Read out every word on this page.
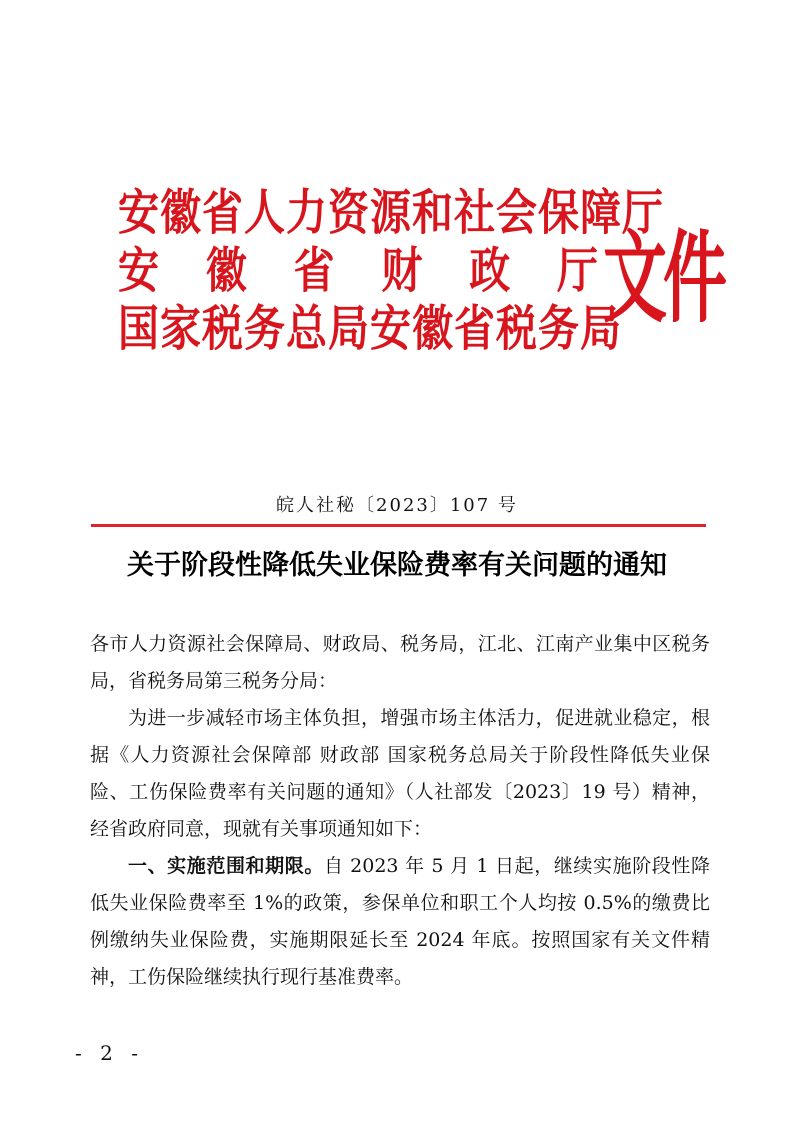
安徽省人力资源和社会保障厅
安 徽 省 财 政 厅
国家税务总局安徽省税务局
文件
皖人社秘〔2023〕107 号
关于阶段性降低失业保险费率有关问题的通知

各市人力资源社会保障局、财政局、税务局，江北、江南产业集中区税务局，省税务局第三税务分局：

为进一步减轻市场主体负担，增强市场主体活力，促进就业稳定，根据《人力资源社会保障部 财政部 国家税务总局关于阶段性降低失业保险、工伤保险费率有关问题的通知》（人社部发〔2023〕19 号）精神，经省政府同意，现就有关事项通知如下：

一、实施范围和期限。自 2023 年 5 月 1 日起，继续实施阶段性降低失业保险费率至 1%的政策，参保单位和职工个人均按 0.5%的缴费比例缴纳失业保险费，实施期限延长至 2024 年底。按照国家有关文件精神，工伤保险继续执行现行基准费率。

- 2 -
